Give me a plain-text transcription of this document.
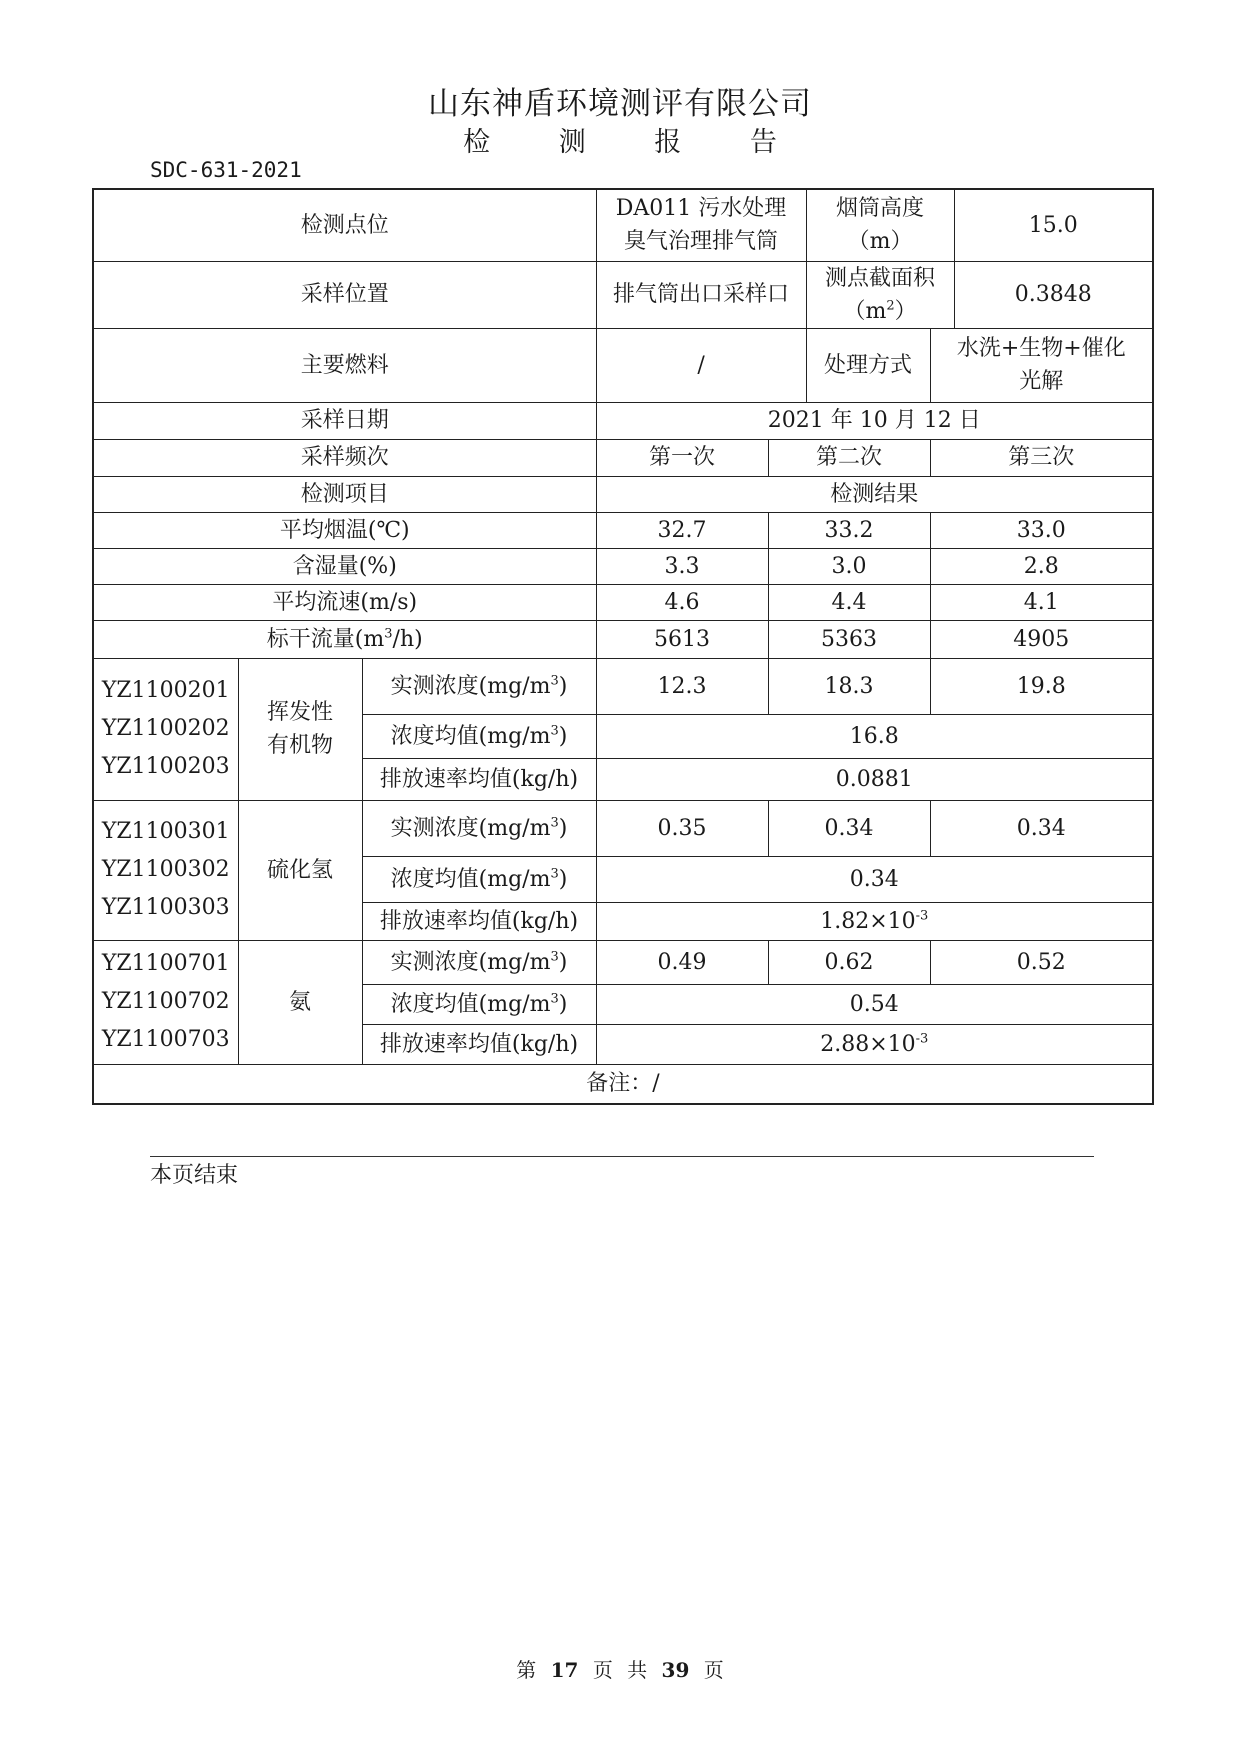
山东神盾环境测评有限公司
检 测 报 告
SDC-631-2021
检测点位			DA011 污水处理臭气治理排气筒		烟筒高度（m）		15.0
采样位置			排气筒出口采样口		测点截面积$(m^2)$		0.3848
主要燃料			/		处理方式	水洗+生物+催化光解	
采样日期			2021 年 10 月 12 日				
采样频次			第一次	第二次		第三次	
检测项目			检测结果				
平均烟温(℃)			32.7	33.2		33.0	
含湿量(%)			3.3	3.0		2.8	
平均流速(m/s)			4.6	4.4		4.1	
标干流量$(m^3/h)$			5613	5363		4905	

YZ1100201
YZ1100202
YZ1100203	挥发性有机物	实测浓度$(mg/m^3)$	12.3	18.3		19.8	
		浓度均值$(mg/m^3)$	16.8				
		排放速率均值(kg/h)	0.0881				

YZ1100301
YZ1100302
YZ1100303	硫化氢	实测浓度$(mg/m^3)$	0.35	0.34		0.34	
		浓度均值$(mg/m^3)$	0.34				
		排放速率均值(kg/h)	$1.82\times 10^{-3}$

YZ1100701
YZ1100702
YZ1100703	氨	实测浓度$(mg/m^3)$	0.49	0.62		0.52	
		浓度均值$(mg/m^3)$	0.54				
		排放速率均值(kg/h)	$2.88\times 10^{-3}$
备注：/							
本页结束
第 17 页 共 39 页
